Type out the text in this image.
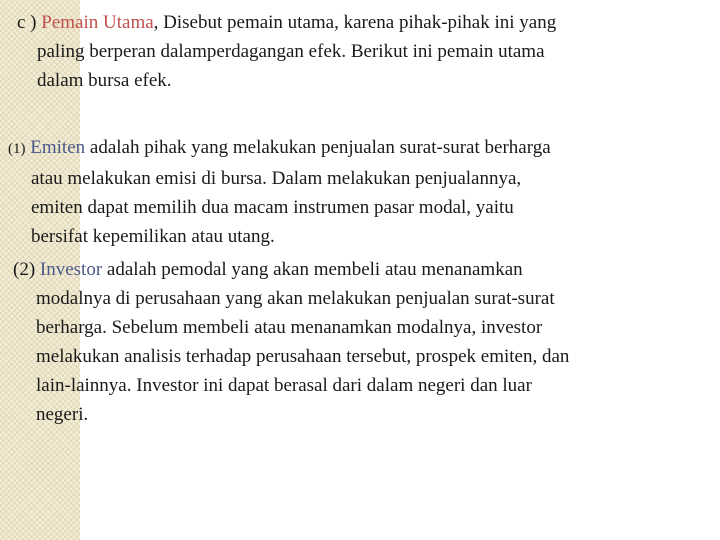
c ) Pemain Utama, Disebut pemain utama, karena pihak-pihak ini yang
paling berperan dalamperdagangan efek. Berikut ini pemain utama
dalam bursa efek.

(1) Emiten adalah pihak yang melakukan penjualan surat-surat berharga
atau melakukan emisi di bursa. Dalam melakukan penjualannya,
emiten dapat memilih dua macam instrumen pasar modal, yaitu
bersifat kepemilikan atau utang.

(2) Investor adalah pemodal yang akan membeli atau menanamkan
modalnya di perusahaan yang akan melakukan penjualan surat-surat
berharga. Sebelum membeli atau menanamkan modalnya, investor
melakukan analisis terhadap perusahaan tersebut, prospek emiten, dan
lain-lainnya. Investor ini dapat berasal dari dalam negeri dan luar
negeri.
